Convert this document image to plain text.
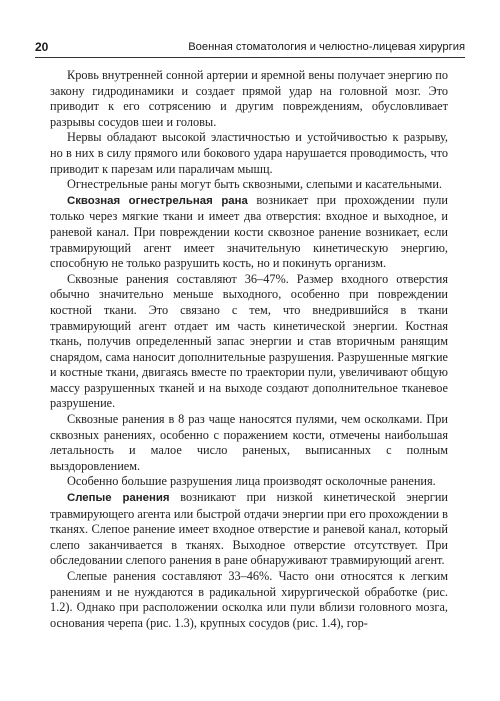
20	Военная стоматология и челюстно-лицевая хирургия

Кровь внутренней сонной артерии и яремной вены получает энергию по закону гидродинамики и создает прямой удар на головной мозг. Это приводит к его сотрясению и другим повреждениям, обусловливает разрывы сосудов шеи и головы.

Нервы обладают высокой эластичностью и устойчивостью к разрыву, но в них в силу прямого или бокового удара нарушается проводимость, что приводит к парезам или параличам мышц.

Огнестрельные раны могут быть сквозными, слепыми и касательными.

Сквозная огнестрельная рана возникает при прохождении пули только через мягкие ткани и имеет два отверстия: входное и выходное, и раневой канал. При повреждении кости сквозное ранение возникает, если травмирующий агент имеет значительную кинетическую энергию, способную не только разрушить кость, но и покинуть организм.

Сквозные ранения составляют 36–47%. Размер входного отверстия обычно значительно меньше выходного, особенно при повреждении костной ткани. Это связано с тем, что внедрившийся в ткани травмирующий агент отдает им часть кинетической энергии. Костная ткань, получив определенный запас энергии и став вторичным ранящим снарядом, сама наносит дополнительные разрушения. Разрушенные мягкие и костные ткани, двигаясь вместе по траектории пули, увеличивают общую массу разрушенных тканей и на выходе создают дополнительное тканевое разрушение.

Сквозные ранения в 8 раз чаще наносятся пулями, чем осколками. При сквозных ранениях, особенно с поражением кости, отмечены наибольшая летальность и малое число раненых, выписанных с полным выздоровлением.

Особенно большие разрушения лица производят осколочные ранения.

Слепые ранения возникают при низкой кинетической энергии травмирующего агента или быстрой отдачи энергии при его прохождении в тканях. Слепое ранение имеет входное отверстие и раневой канал, который слепо заканчивается в тканях. Выходное отверстие отсутствует. При обследовании слепого ранения в ране обнаруживают травмирующий агент.

Слепые ранения составляют 33–46%. Часто они относятся к легким ранениям и не нуждаются в радикальной хирургической обработке (рис. 1.2). Однако при расположении осколка или пули вблизи головного мозга, основания черепа (рис. 1.3), крупных сосудов (рис. 1.4), гор-
